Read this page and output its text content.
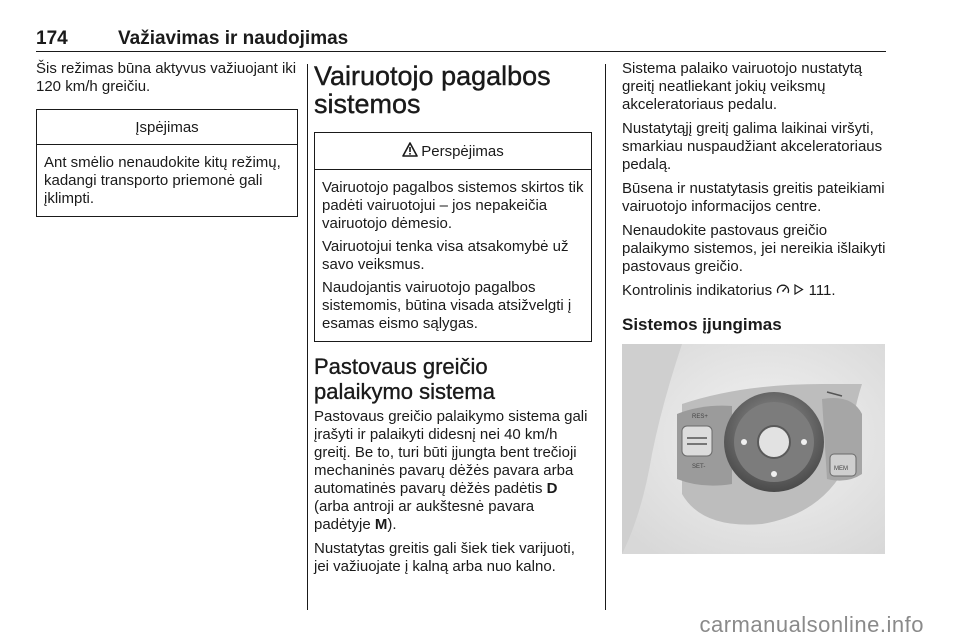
174	Važiavimas ir naudojimas

Šis režimas būna aktyvus važiuojant iki 120 km/h greičiu.

Įspėjimas

Ant smėlio nenaudokite kitų režimų, kadangi transporto priemonė gali įklimpti.

Vairuotojo pagalbos
sistemos
Perspėjimas

Vairuotojo pagalbos sistemos skirtos tik padėti vairuotojui – jos nepakeičia vairuotojo dėmesio.

Vairuotojui tenka visa atsakomybė už savo veiksmus.

Naudojantis vairuotojo pagalbos sistemomis, būtina visada atsižvelgti į esamas eismo sąlygas.

Pastovaus greičio
palaikymo sistema

Pastovaus greičio palaikymo sistema gali įrašyti ir palaikyti didesnį nei 40 km/h greitį. Be to, turi būti įjungta bent trečioji mechaninės pavarų dėžės pavara arba automatinės pavarų dėžės padėtis D (arba antroji ar aukštesnė pavara padėtyje M).

Nustatytas greitis gali šiek tiek varijuoti, jei važiuojate į kalną arba nuo kalno.

Sistema palaiko vairuotojo nustatytą greitį neatliekant jokių veiksmų akceleratoriaus pedalu.

Nustatytąjį greitį galima laikinai viršyti, smarkiau nuspaudžiant akceleratoriaus pedalą.

Būsena ir nustatytasis greitis pateikiami vairuotojo informacijos centre.

Nenaudokite pastovaus greičio palaikymo sistemos, jei nereikia išlaikyti pastovaus greičio.

Kontrolinis indikatorius 111.

Sistemos įjungimas
RES+
SET-	MEM
carmanualsonline.info
